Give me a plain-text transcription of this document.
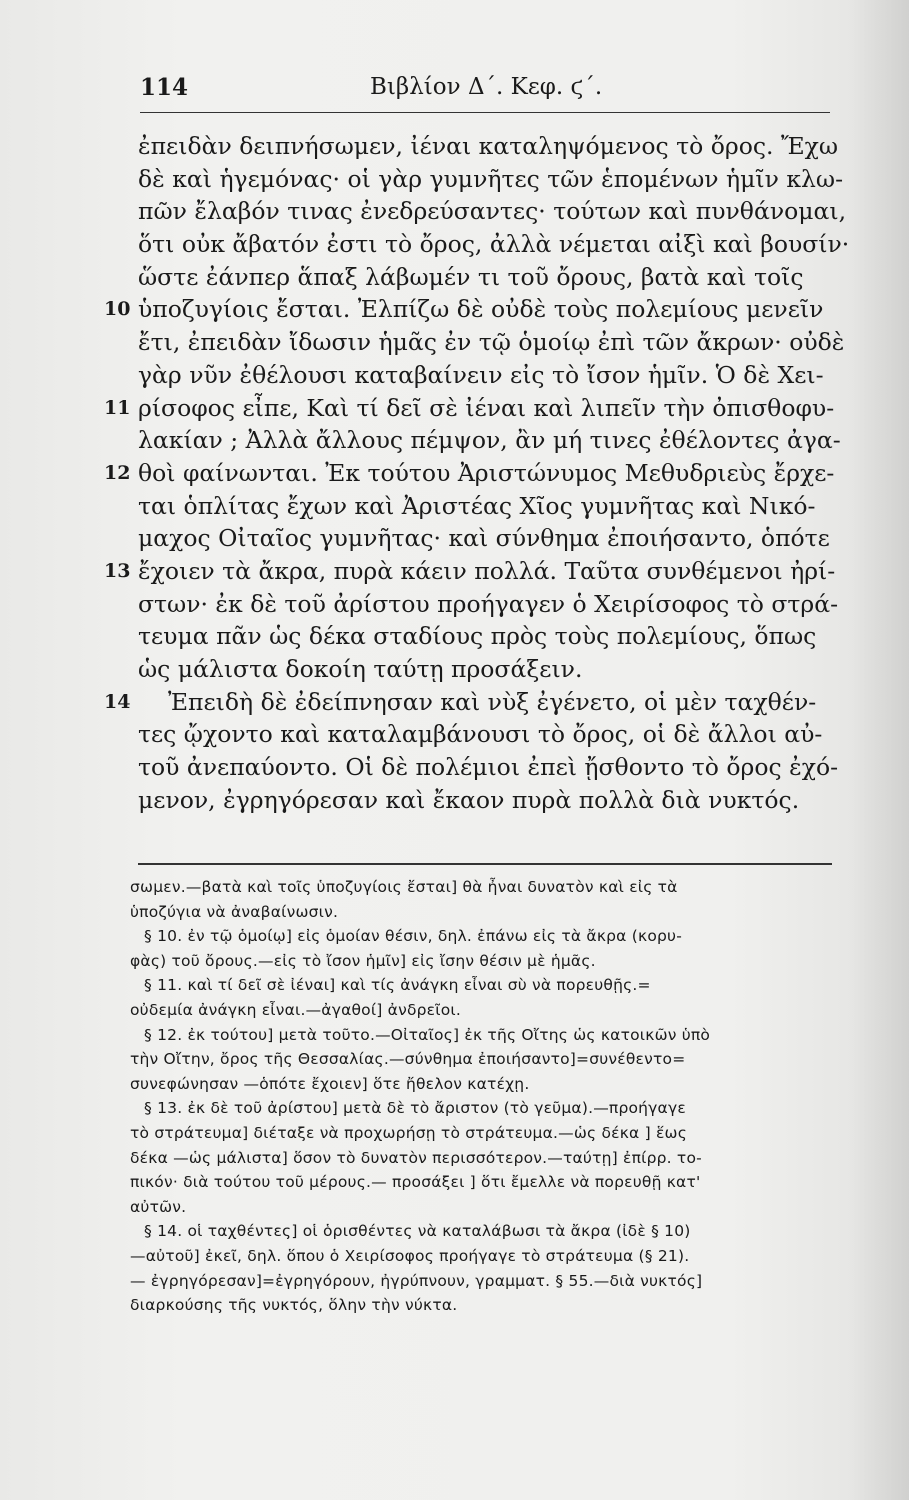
114	Βιβλίον Δ΄. Κεφ. ϛ΄.
ἐπειδὰν δειπνήσωμεν, ἰέναι καταληψόμενος τὸ ὄρος. Ἔχω
δὲ καὶ ἡγεμόνας· οἱ γὰρ γυμνῆτες τῶν ἑπομένων ἡμῖν κλω-
πῶν ἔλαβόν τινας ἐνεδρεύσαντες· τούτων καὶ πυνθάνομαι,
ὅτι οὐκ ἄβατόν ἐστι τὸ ὄρος, ἀλλὰ νέμεται αἰξὶ καὶ βουσίν·
ὥστε ἐάνπερ ἅπαξ λάβωμέν τι τοῦ ὄρους, βατὰ καὶ τοῖς
10 ὑποζυγίοις ἔσται. Ἐλπίζω δὲ οὐδὲ τοὺς πολεμίους μενεῖν
ἔτι, ἐπειδὰν ἴδωσιν ἡμᾶς ἐν τῷ ὁμοίῳ ἐπὶ τῶν ἄκρων· οὐδὲ
γὰρ νῦν ἐθέλουσι καταβαίνειν εἰς τὸ ἴσον ἡμῖν. Ὁ δὲ Χει-
11 ρίσοφος εἶπε, Καὶ τί δεῖ σὲ ἰέναι καὶ λιπεῖν τὴν ὀπισθοφυ-
λακίαν ; Ἀλλὰ ἄλλους πέμψον, ἂν μή τινες ἐθέλοντες ἀγα-
12 θοὶ φαίνωνται. Ἐκ τούτου Ἀριστώνυμος Μεθυδριεὺς ἔρχε-
ται ὁπλίτας ἔχων καὶ Ἀριστέας Χῖος γυμνῆτας καὶ Νικό-
μαχος Οἰταῖος γυμνῆτας· καὶ σύνθημα ἐποιήσαντο, ὁπότε
13 ἔχοιεν τὰ ἄκρα, πυρὰ κάειν πολλά. Ταῦτα συνθέμενοι ἠρί-
στων· ἐκ δὲ τοῦ ἀρίστου προήγαγεν ὁ Χειρίσοφος τὸ στρά-
τευμα πᾶν ὡς δέκα σταδίους πρὸς τοὺς πολεμίους, ὅπως
ὡς μάλιστα δοκοίη ταύτῃ προσάξειν.
14 Ἐπειδὴ δὲ ἐδείπνησαν καὶ νὺξ ἐγένετο, οἱ μὲν ταχθέν-
τες ᾤχοντο καὶ καταλαμβάνουσι τὸ ὄρος, οἱ δὲ ἄλλοι αὐ-
τοῦ ἀνεπαύοντο. Οἱ δὲ πολέμιοι ἐπεὶ ᾔσθοντο τὸ ὄρος ἐχό-
μενον, ἐγρηγόρεσαν καὶ ἔκαον πυρὰ πολλὰ διὰ νυκτός.
σωμεν.—βατὰ καὶ τοῖς ὑποζυγίοις ἔσται] θὰ ἦναι δυνατὸν καὶ εἰς τὰ
ὑποζύγια νὰ ἀναβαίνωσιν.
§ 10. ἐν τῷ ὁμοίῳ] εἰς ὁμοίαν θέσιν, δηλ. ἐπάνω εἰς τὰ ἄκρα (κορυ-
φὰς) τοῦ ὄρους.—εἰς τὸ ἴσον ἡμῖν] εἰς ἴσην θέσιν μὲ ἡμᾶς.
§ 11. καὶ τί δεῖ σὲ ἰέναι] καὶ τίς ἀνάγκη εἶναι σὺ νὰ πορευθῇς.=
οὐδεμία ἀνάγκη εἶναι.—ἀγαθοί] ἀνδρεῖοι.
§ 12. ἐκ τούτου] μετὰ τοῦτο.—Οἰταῖος] ἐκ τῆς Οἴτης ὡς κατοικῶν ὑπὸ
τὴν Οἴτην, ὄρος τῆς Θεσσαλίας.—σύνθημα ἐποιήσαντο]=συνέθεντο=
συνεφώνησαν —ὁπότε ἔχοιεν] ὅτε ἤθελον κατέχῃ.
§ 13. ἐκ δὲ τοῦ ἀρίστου] μετὰ δὲ τὸ ἄριστον (τὸ γεῦμα).—προήγαγε
τὸ στράτευμα] διέταξε νὰ προχωρήσῃ τὸ στράτευμα.—ὡς δέκα ] ἕως
δέκα —ὡς μάλιστα] ὅσον τὸ δυνατὸν περισσότερον.—ταύτῃ] ἐπίρρ. το-
πικόν· διὰ τούτου τοῦ μέρους.— προσάξει ] ὅτι ἔμελλε νὰ πορευθῇ κατ'
αὐτῶν.
§ 14. οἱ ταχθέντες] οἱ ὁρισθέντες νὰ καταλάβωσι τὰ ἄκρα (ἰδὲ § 10)
—αὐτοῦ] ἐκεῖ, δηλ. ὅπου ὁ Χειρίσοφος προήγαγε τὸ στράτευμα (§ 21).
— ἐγρηγόρεσαν]=ἐγρηγόρουν, ἠγρύπνουν, γραμματ. § 55.—διὰ νυκτός]
διαρκούσης τῆς νυκτός, ὅλην τὴν νύκτα.
